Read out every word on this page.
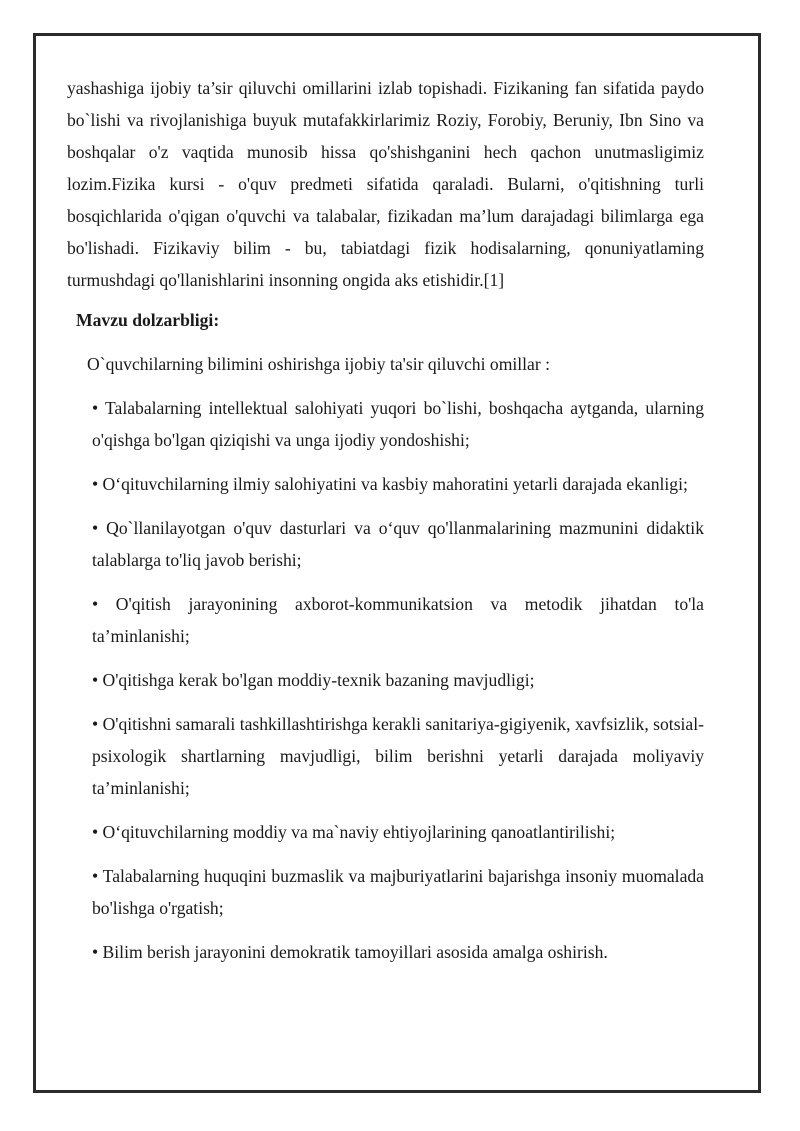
yashashiga ijobiy ta’sir qiluvchi omillarini izlab topishadi. Fizikaning fan sifatida paydo bo`lishi va rivojlanishiga buyuk mutafakkirlarimiz Roziy, Forobiy, Beruniy, Ibn Sino va boshqalar o'z vaqtida munosib hissa qo'shishganini hech qachon unutmasligimiz lozim.Fizika kursi - o'quv predmeti sifatida qaraladi. Bularni, o'qitishning turli bosqichlarida o'qigan o'quvchi va talabalar, fizikadan ma’lum darajadagi bilimlarga ega bo'lishadi. Fizikaviy bilim - bu, tabiatdagi fizik hodisalarning, qonuniyatlaming turmushdagi qo'llanishlarini insonning ongida aks etishidir.[1]

Mavzu dolzarbligi:
O`quvchilarning bilimini oshirishga ijobiy ta'sir qiluvchi omillar :
• Talabalarning intellektual salohiyati yuqori bo`lishi, boshqacha aytganda, ularning o'qishga bo'lgan qiziqishi va unga ijodiy yondoshishi;
• O‘qituvchilarning ilmiy salohiyatini va kasbiy mahoratini yetarli darajada ekanligi;
• Qo`llanilayotgan o'quv dasturlari va o‘quv qo'llanmalarining mazmunini didaktik talablarga to'liq javob berishi;
• O'qitish jarayonining axborot-kommunikatsion va metodik jihatdan to'la ta’minlanishi;
• O'qitishga kerak bo'lgan moddiy-texnik bazaning mavjudligi;
• O'qitishni samarali tashkillashtirishga kerakli sanitariya-gigiyenik, xavfsizlik, sotsial-psixologik shartlarning mavjudligi, bilim berishni yetarli darajada moliyaviy ta’minlanishi;
• O‘qituvchilarning moddiy va ma`naviy ehtiyojlarining qanoatlantirilishi;
• Talabalarning huquqini buzmaslik va majburiyatlarini bajarishga insoniy muomalada bo'lishga o'rgatish;
• Bilim berish jarayonini demokratik tamoyillari asosida amalga oshirish.
